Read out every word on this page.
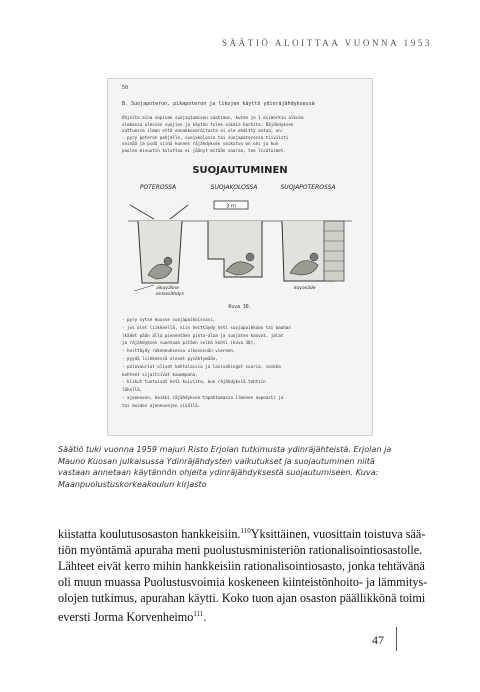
SÄÄTIÖ ALOITTAA VUONNA 1953
50
B. Suojapoteron, pikapoteron ja likojen käyttö ydinräjähdyksessä
Ohjeita aina sopivan suojautumisen vaatimus, kuten jo 1 esimerkin alkuna
olemassa olevien suojien ja käytön tulee oikein harkita. Räjähdyksen
sattuessa ilman että ennakkovaroitusta ei ole ehditty antaa, on:
- pyry poteron pohjalle, suojakolossa tai suojapoterossa tiiviisti
seinää ja pidä siinä kunnes räjähdyksen vaikutus on ohi ja kun
puolen minuutin kuluttua ei jäänyt mitään vaaraa, tee lisätoimet.
SUOJAUTUMINEN
POTEROSSA	SUOJAKOLOSSA	SUOJAPOTEROSSA
3 m
aikaväline
ensiesähdys
kovasäde
Kuva 30.
- pyry sytse muusse suojapaikoissasi,
- jos olet liikkeellä, niin heittäydy heti suojapaikkaan tai maahan
(kädet pään alla pienentäen pinta-alaa ja suojaten kasvot, jalat
ja räjähdyksen suuntaan pitäen selkä kohti (kuva 30),
- heittäydy rakennuksessa ulkoseinän viereen,
- pyydä liikkeessä olevat pysähtymään,
- palovauriot olivat kohtalaisia ja lasivahingot suuria, vaikka
kohteet sijaitsivat kauempana,
- kiikut tuntuivat heti kuivilta, kun räjähdyksiä tehtiin
lähellä,
- ajoneuvon, kaikki räjähdyksen tapahtumassa ilmenee nopeasti ja
tai muiden ajoneuvojen sisällä.
Säätiö tuki vuonna 1959 majuri Risto Erjolan tutkimusta ydinräjähteistä. Erjolan ja Mauno Kuosan julkaisussa Ydinräjähdysten vaikutukset ja suojautuminen niitä vastaan annetaan käytännön ohjeita ydinräjähdyksestä suojautumiseen. Kuva: Maanpuolustuskorkeakoulun kirjasto
kiistatta koulutusosaston hankkeisiin.$^{110}$Yksittäinen, vuosittain toistuva sää-
tiön myöntämä apuraha meni puolustusministeriön rationalisointiosastolle.
Lähteet eivät kerro mihin hankkeisiin rationalisointiosasto, jonka tehtävänä
oli muun muassa Puolustusvoimia koskeneen kiinteistönhoito- ja lämmitys-
olojen tutkimus, apurahan käytti. Koko tuon ajan osaston päällikkönä toimi
eversti Jorma Korvenheimo$^{111}$.
47
